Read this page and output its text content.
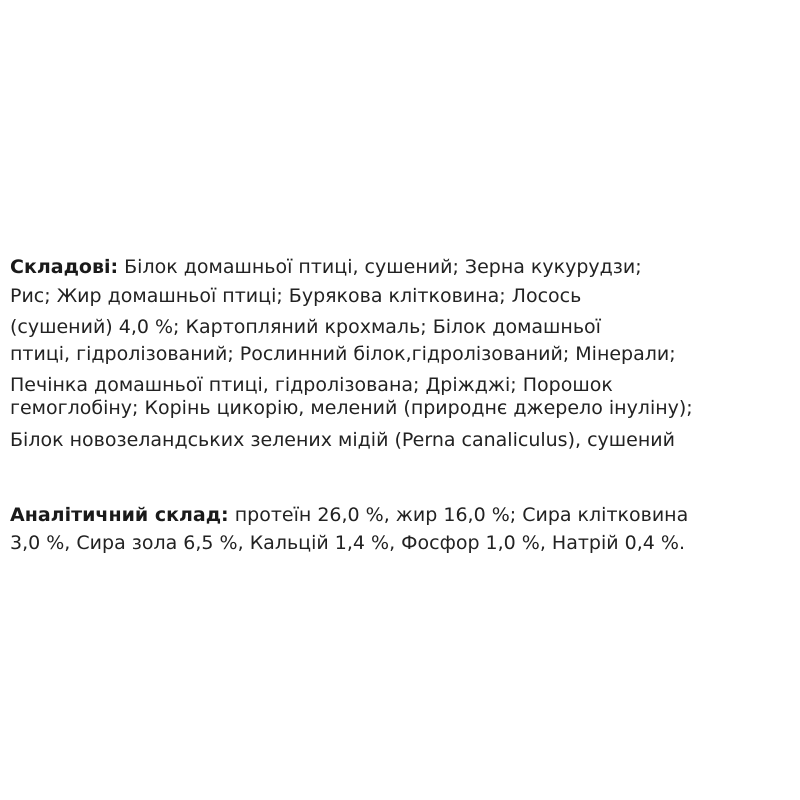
Складові: Білок домашньої птиці, сушений; Зерна кукурудзи;
Рис; Жир домашньої птиці; Бурякова клітковина; Лосось
(сушений) 4,0 %; Картопляний крохмаль; Білок домашньої
птиці, гідролізований; Рослинний білок,гідролізований; Мінерали;
Печінка домашньої птиці, гідролізована; Дріжджі; Порошок
гемоглобіну; Корінь цикорію, мелений (природнє джерело інуліну);
Білок новозеландських зелених мідій (Perna canaliculus), сушений
Аналітичний склад: протеїн 26,0 %, жир 16,0 %; Сира клітковина
3,0 %, Сира зола 6,5 %, Кальцій 1,4 %, Фосфор 1,0 %, Натрій 0,4 %.
